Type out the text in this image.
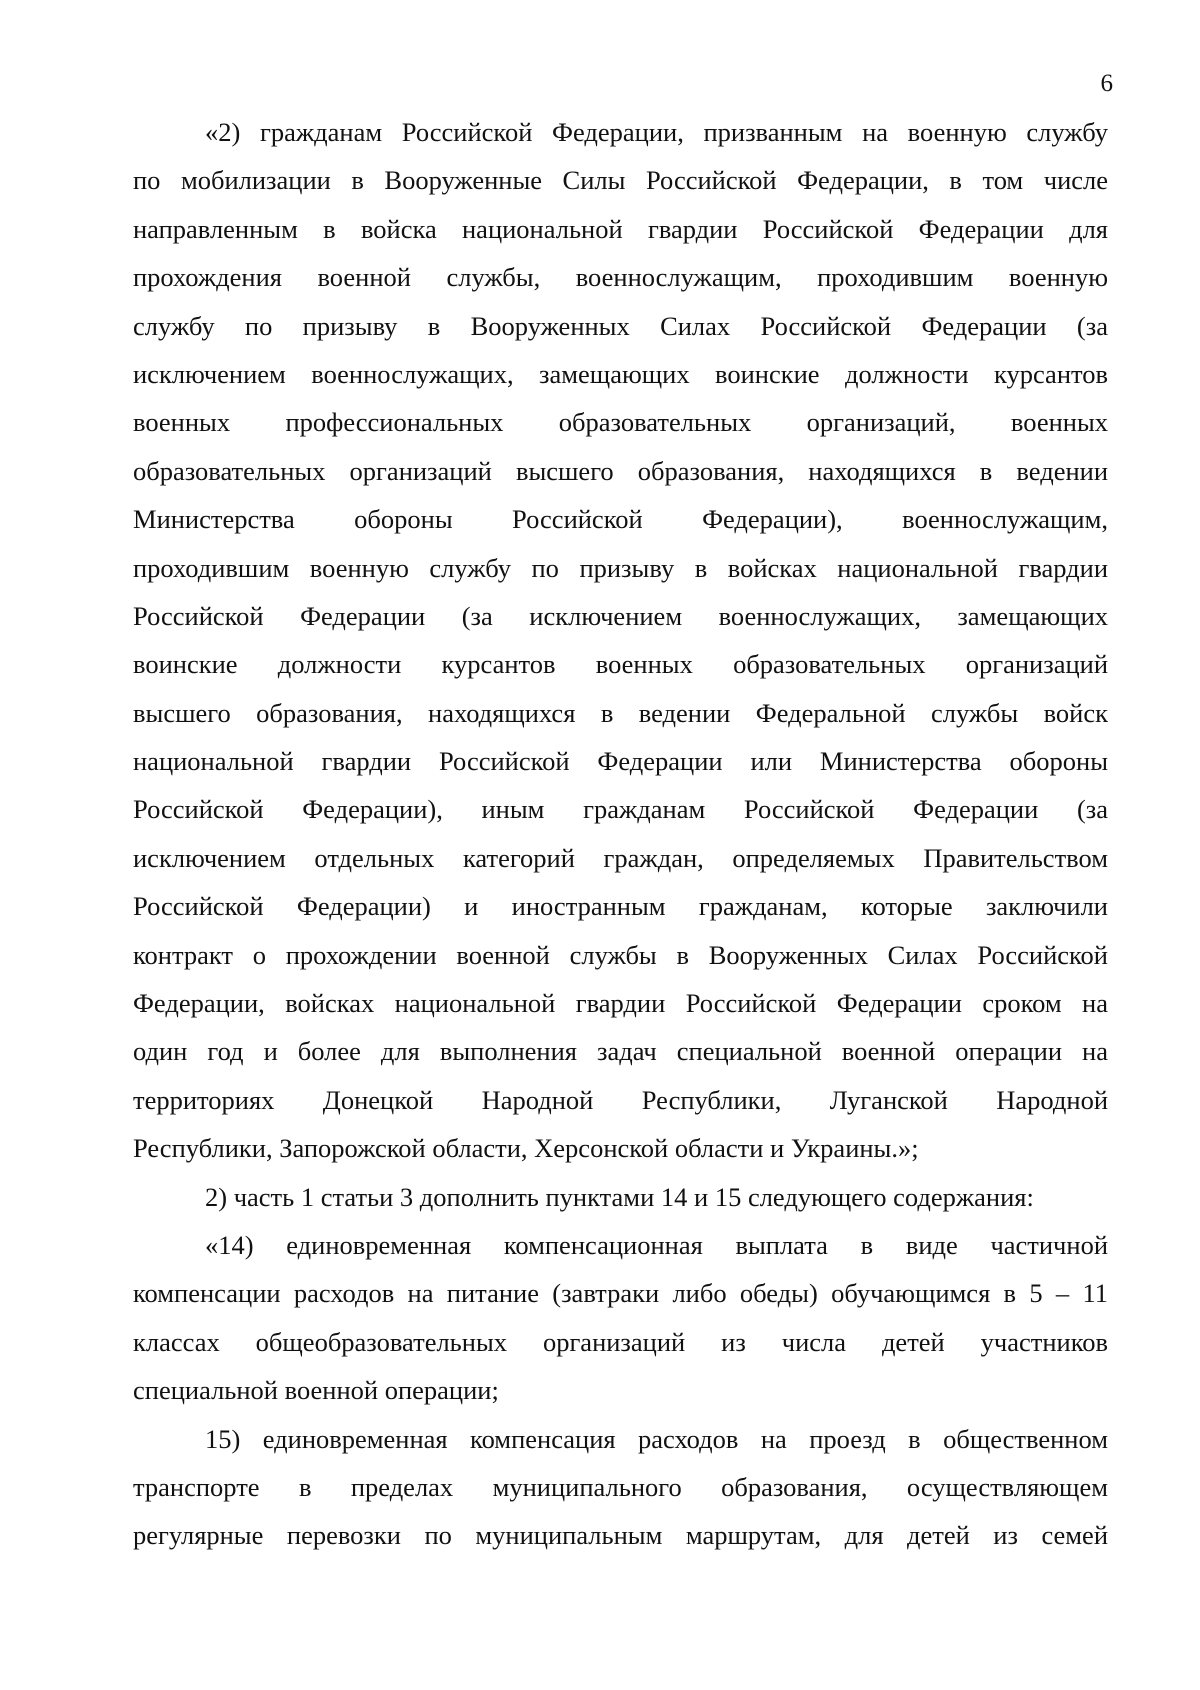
6
«2) гражданам Российской Федерации, призванным на военную службу
по мобилизации в Вооруженные Силы Российской Федерации, в том числе
направленным в войска национальной гвардии Российской Федерации для
прохождения военной службы, военнослужащим, проходившим военную
службу по призыву в Вооруженных Силах Российской Федерации (за
исключением военнослужащих, замещающих воинские должности курсантов
военных профессиональных образовательных организаций, военных
образовательных организаций высшего образования, находящихся в ведении
Министерства обороны Российской Федерации), военнослужащим,
проходившим военную службу по призыву в войсках национальной гвардии
Российской Федерации (за исключением военнослужащих, замещающих
воинские должности курсантов военных образовательных организаций
высшего образования, находящихся в ведении Федеральной службы войск
национальной гвардии Российской Федерации или Министерства обороны
Российской Федерации), иным гражданам Российской Федерации (за
исключением отдельных категорий граждан, определяемых Правительством
Российской Федерации) и иностранным гражданам, которые заключили
контракт о прохождении военной службы в Вооруженных Силах Российской
Федерации, войсках национальной гвардии Российской Федерации сроком на
один год и более для выполнения задач специальной военной операции на
территориях Донецкой Народной Республики, Луганской Народной
Республики, Запорожской области, Херсонской области и Украины.»;
2) часть 1 статьи 3 дополнить пунктами 14 и 15 следующего содержания:
«14) единовременная компенсационная выплата в виде частичной
компенсации расходов на питание (завтраки либо обеды) обучающимся в 5 – 11
классах общеобразовательных организаций из числа детей участников
специальной военной операции;
15) единовременная компенсация расходов на проезд в общественном
транспорте в пределах муниципального образования, осуществляющем
регулярные перевозки по муниципальным маршрутам, для детей из семей
